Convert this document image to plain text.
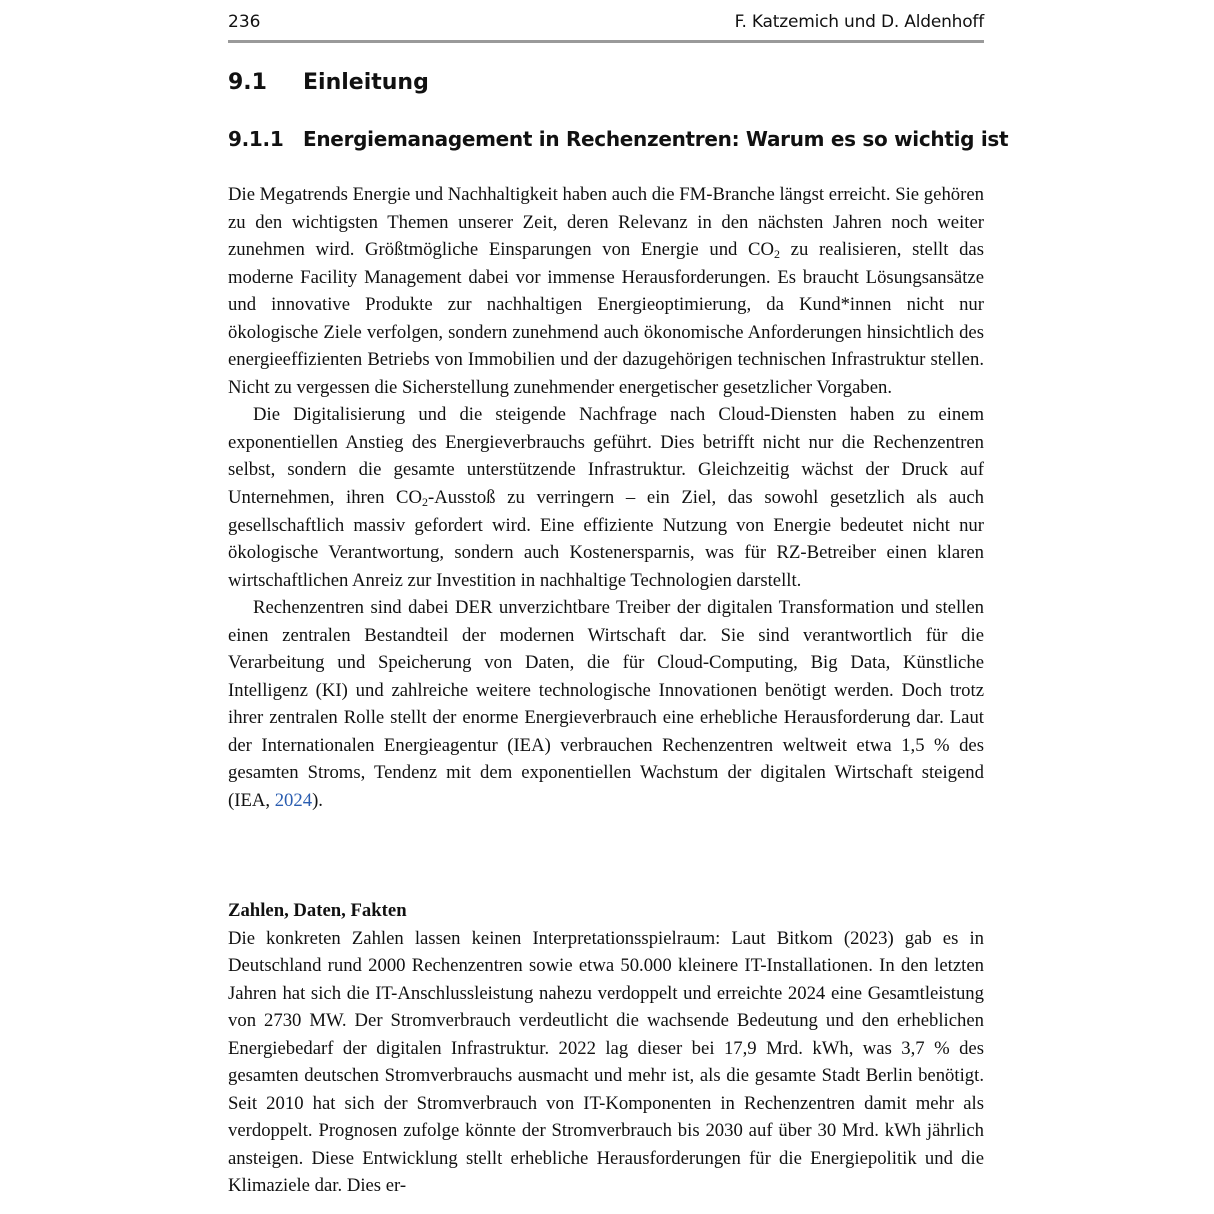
236	F. Katzemich und D. Aldenhoff
9.1 Einleitung
9.1.1 Energiemanagement in Rechenzentren: Warum es so wichtig ist

Die Megatrends Energie und Nachhaltigkeit haben auch die FM-Branche längst erreicht. Sie gehören zu den wichtigsten Themen unserer Zeit, deren Relevanz in den nächsten Jahren noch weiter zunehmen wird. Größtmögliche Einsparungen von Energie und $CO_2$ zu realisieren, stellt das moderne Facility Management dabei vor immense Herausforderungen. Es braucht Lösungsansätze und innovative Produkte zur nachhaltigen Energieoptimierung, da Kund*innen nicht nur ökologische Ziele verfolgen, sondern zunehmend auch ökonomische Anforderungen hinsichtlich des energieeffizienten Betriebs von Immobilien und der dazugehörigen technischen Infrastruktur stellen. Nicht zu vergessen die Sicherstellung zunehmender energetischer gesetzlicher Vorgaben.

Die Digitalisierung und die steigende Nachfrage nach Cloud-Diensten haben zu einem exponentiellen Anstieg des Energieverbrauchs geführt. Dies betrifft nicht nur die Rechenzentren selbst, sondern die gesamte unterstützende Infrastruktur. Gleichzeitig wächst der Druck auf Unternehmen, ihren $CO_2$-Ausstoß zu verringern – ein Ziel, das sowohl gesetzlich als auch gesellschaftlich massiv gefordert wird. Eine effiziente Nutzung von Energie bedeutet nicht nur ökologische Verantwortung, sondern auch Kostenersparnis, was für RZ-Betreiber einen klaren wirtschaftlichen Anreiz zur Investition in nachhaltige Technologien darstellt.

Rechenzentren sind dabei DER unverzichtbare Treiber der digitalen Transformation und stellen einen zentralen Bestandteil der modernen Wirtschaft dar. Sie sind verantwortlich für die Verarbeitung und Speicherung von Daten, die für Cloud-Computing, Big Data, Künstliche Intelligenz (KI) und zahlreiche weitere technologische Innovationen benötigt werden. Doch trotz ihrer zentralen Rolle stellt der enorme Energieverbrauch eine erhebliche Herausforderung dar. Laut der Internationalen Energieagentur (IEA) verbrauchen Rechenzentren weltweit etwa 1,5 % des gesamten Stroms, Tendenz mit dem exponentiellen Wachstum der digitalen Wirtschaft steigend (IEA, 2024).

Zahlen, Daten, Fakten

Die konkreten Zahlen lassen keinen Interpretationsspielraum: Laut Bitkom (2023) gab es in Deutschland rund 2000 Rechenzentren sowie etwa 50.000 kleinere IT-Installationen. In den letzten Jahren hat sich die IT-Anschlussleistung nahezu verdoppelt und erreichte 2024 eine Gesamtleistung von 2730 MW. Der Stromverbrauch verdeutlicht die wachsende Bedeutung und den erheblichen Energiebedarf der digitalen Infrastruktur. 2022 lag dieser bei 17,9 Mrd. kWh, was 3,7 % des gesamten deutschen Stromverbrauchs ausmacht und mehr ist, als die gesamte Stadt Berlin benötigt. Seit 2010 hat sich der Stromverbrauch von IT-Komponenten in Rechenzentren damit mehr als verdoppelt. Prognosen zufolge könnte der Stromverbrauch bis 2030 auf über 30 Mrd. kWh jährlich ansteigen. Diese Entwicklung stellt erhebliche Herausforderungen für die Energiepolitik und die Klimaziele dar. Dies er-
